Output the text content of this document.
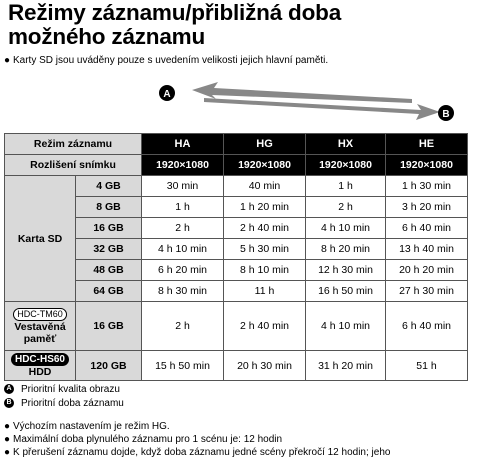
Režimy záznamu/přibližná doba
možného záznamu
● Karty SD jsou uváděny pouze s uvedením velikosti jejich hlavní paměti.
A
B
Režim záznamu		HA	HG	HX	HE
Rozlišení snímku		1920×1080	1920×1080	1920×1080	1920×1080
Karta SD	4 GB	30 min	40 min	1 h	1 h 30 min
	8 GB	1 h	1 h 20 min	2 h	3 h 20 min
	16 GB	2 h	2 h 40 min	4 h 10 min	6 h 40 min
	32 GB	4 h 10 min	5 h 30 min	8 h 20 min	13 h 40 min
	48 GB	6 h 20 min	8 h 10 min	12 h 30 min	20 h 20 min
	64 GB	8 h 30 min	11 h	16 h 50 min	27 h 30 min
HDC-TM60
Vestavěná
paměť	16 GB	2 h	2 h 40 min	4 h 10 min	6 h 40 min
HDC-HS60
HDD	120 GB	15 h 50 min	20 h 30 min	31 h 20 min	51 h
A Prioritní kvalita obrazu
B Prioritní doba záznamu
● Výchozím nastavením je režim HG.
● Maximální doba plynulého záznamu pro 1 scénu je: 12 hodin
● K přerušení záznamu dojde, když doba záznamu jedné scény překročí 12 hodin; jeho
